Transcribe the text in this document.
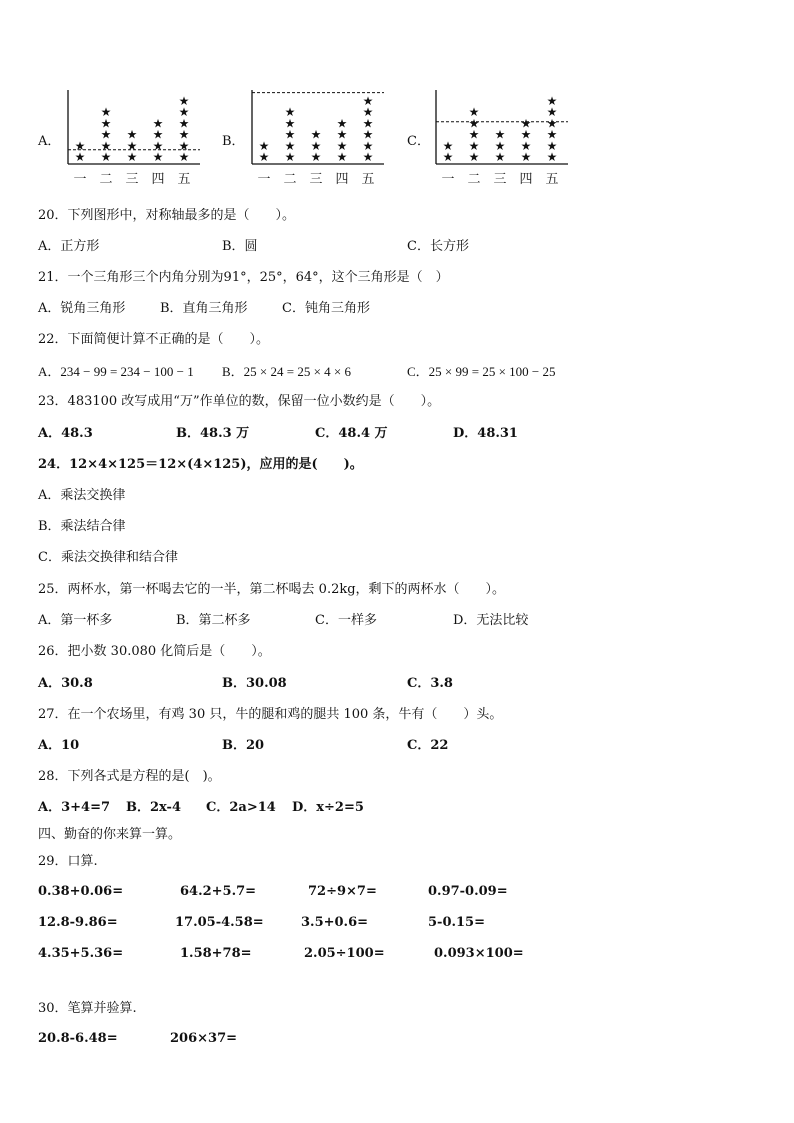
A．
★
★
一
★
★
★
★
★
二
★
★
★
三
★
★
★
★
四
★
★
★
★
★
★
五
B．
★
★
一
★
★
★
★
★
二
★
★
★
三
★
★
★
★
四
★
★
★
★
★
★
五
C．
★
★
一
★
★
★
★
★
二
★
★
★
三
★
★
★
★
四
★
★
★
★
★
★
五
20．下列图形中，对称轴最多的是（　　）。
A．正方形	B．圆	C．长方形
21．一个三角形三个内角分别为91°，25°，64°，这个三角形是（　）
A．锐角三角形	B．直角三角形	C．钝角三角形
22．下面简便计算不正确的是（　　）。
A．234 − 99 = 234 − 100 − 1 B．25 × 24 = 25 × 4 × 6	C．25 × 99 = 25 × 100 − 25
23．483100 改写成用“万”作单位的数，保留一位小数约是（　　）。
A．48.3	B．48.3 万	C．48.4 万	D．48.31
24．12×4×125＝12×(4×125)，应用的是(　　)。
A．乘法交换律
B．乘法结合律
C．乘法交换律和结合律
25．两杯水，第一杯喝去它的一半，第二杯喝去 0.2kg，剩下的两杯水（　　）。
A．第一杯多	B．第二杯多	C．一样多	D．无法比较
26．把小数 30.080 化简后是（　　）。
A．30.8	B．30.08	C．3.8
27．在一个农场里，有鸡 30 只，牛的腿和鸡的腿共 100 条，牛有（　　）头。
A．10	B．20	C．22
28．下列各式是方程的是(　)。
A．3+4=7 B．2x-4 C．2a>14 D．x÷2=5
四、勤奋的你来算一算。
29．口算.
0.38+0.06=	64.2+5.7=	72÷9×7=	0.97-0.09=
12.8-9.86=	17.05-4.58=	3.5+0.6=	5-0.15=
4.35+5.36=	1.58+78=	2.05÷100=	0.093×100=
30．笔算并验算.
20.8-6.48=	206×37=
